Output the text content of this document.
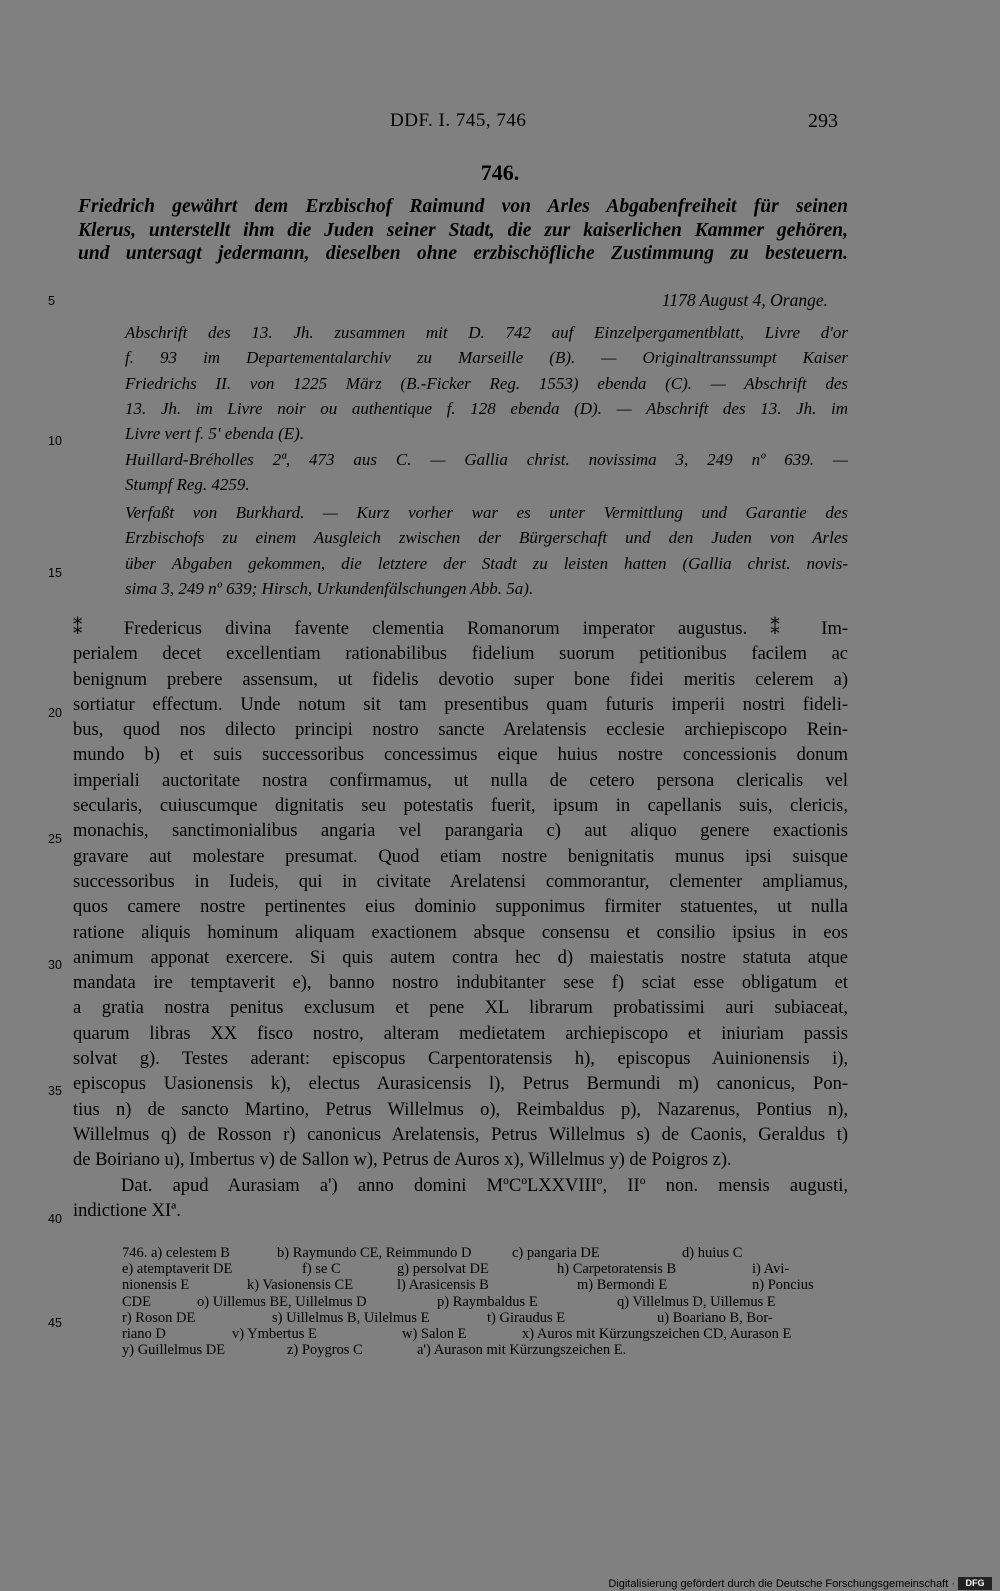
DDF. I. 745, 746	293
746.
Friedrich gewährt dem Erzbischof Raimund von Arles Abgabenfreiheit für seinen
Klerus, unterstellt ihm die Juden seiner Stadt, die zur kaiserlichen Kammer gehören,
und untersagt jedermann, dieselben ohne erzbischöfliche Zustimmung zu besteuern.
1178 August 4, Orange.
Abschrift des 13. Jh. zusammen mit D. 742 auf Einzelpergamentblatt, Livre d'or
f. 93 im Departementalarchiv zu Marseille (B). — Originaltranssumpt Kaiser
Friedrichs II. von 1225 März (B.-Ficker Reg. 1553) ebenda (C). — Abschrift des
13. Jh. im Livre noir ou authentique f. 128 ebenda (D). — Abschrift des 13. Jh. im
Livre vert f. 5' ebenda (E).
Huillard-Bréholles 2ª, 473 aus C. — Gallia christ. novissima 3, 249 nº 639. —
Stumpf Reg. 4259.
Verfaßt von Burkhard. — Kurz vorher war es unter Vermittlung und Garantie des
Erzbischofs zu einem Ausgleich zwischen der Bürgerschaft und den Juden von Arles
über Abgaben gekommen, die letztere der Stadt zu leisten hatten (Gallia christ. novis-
sima 3, 249 nº 639; Hirsch, Urkundenfälschungen Abb. 5a).
⁑ Fredericus divina favente clementia Romanorum imperator augustus. ⁑ Im-
perialem decet excellentiam rationabilibus fidelium suorum petitionibus facilem ac
benignum prebere assensum, ut fidelis devotio super bone fidei meritis celerem a)
sortiatur effectum. Unde notum sit tam presentibus quam futuris imperii nostri fideli-
bus, quod nos dilecto principi nostro sancte Arelatensis ecclesie archiepiscopo Rein-
mundo b) et suis successoribus concessimus eique huius nostre concessionis donum
imperiali auctoritate nostra confirmamus, ut nulla de cetero persona clericalis vel
secularis, cuiuscumque dignitatis seu potestatis fuerit, ipsum in capellanis suis, clericis,
monachis, sanctimonialibus angaria vel parangaria c) aut aliquo genere exactionis
gravare aut molestare presumat. Quod etiam nostre benignitatis munus ipsi suisque
successoribus in Iudeis, qui in civitate Arelatensi commorantur, clementer ampliamus,
quos camere nostre pertinentes eius dominio supponimus firmiter statuentes, ut nulla
ratione aliquis hominum aliquam exactionem absque consensu et consilio ipsius in eos
animum apponat exercere. Si quis autem contra hec d) maiestatis nostre statuta atque
mandata ire temptaverit e), banno nostro indubitanter sese f) sciat esse obligatum et
a gratia nostra penitus exclusum et pene XL librarum probatissimi auri subiaceat,
quarum libras XX fisco nostro, alteram medietatem archiepiscopo et iniuriam passis
solvat g). Testes aderant: episcopus Carpentoratensis h), episcopus Auinionensis i),
episcopus Uasionensis k), electus Aurasicensis l), Petrus Bermundi m) canonicus, Pon-
tius n) de sancto Martino, Petrus Willelmus o), Reimbaldus p), Nazarenus, Pontius n),
Willelmus q) de Rosson r) canonicus Arelatensis, Petrus Willelmus s) de Caonis, Geraldus t)
de Boiriano u), Imbertus v) de Sallon w), Petrus de Auros x), Willelmus y) de Poigros z).
Dat. apud Aurasiam a') anno domini MºCºLXXVIIIº, IIº non. mensis augusti,
indictione XIª.
5
10
15
20
25
30
35
40
45
746. a) celestem B	b) Raymundo CE, Reimmundo D	c) pangaria DE	d) huius C
e) atemptaverit DE	f) se C	g) persolvat DE	h) Carpetoratensis B	i) Avi-
nionensis E	k) Vasionensis CE	l) Arasicensis B	m) Bermondi E	n) Poncius
CDE	o) Uillemus BE, Uillelmus D	p) Raymbaldus E	q) Villelmus D, Uillemus E
r) Roson DE	s) Uillelmus B, Uilelmus E	t) Giraudus E	u) Boariano B, Bor-
riano D	v) Ymbertus E	w) Salon E	x) Auros mit Kürzungszeichen CD, Aurason E
y) Guillelmus DE	z) Poygros C	a') Aurason mit Kürzungszeichen E.
Digitalisierung gefördert durch die Deutsche Forschungsgemeinschaft ·	DFG
